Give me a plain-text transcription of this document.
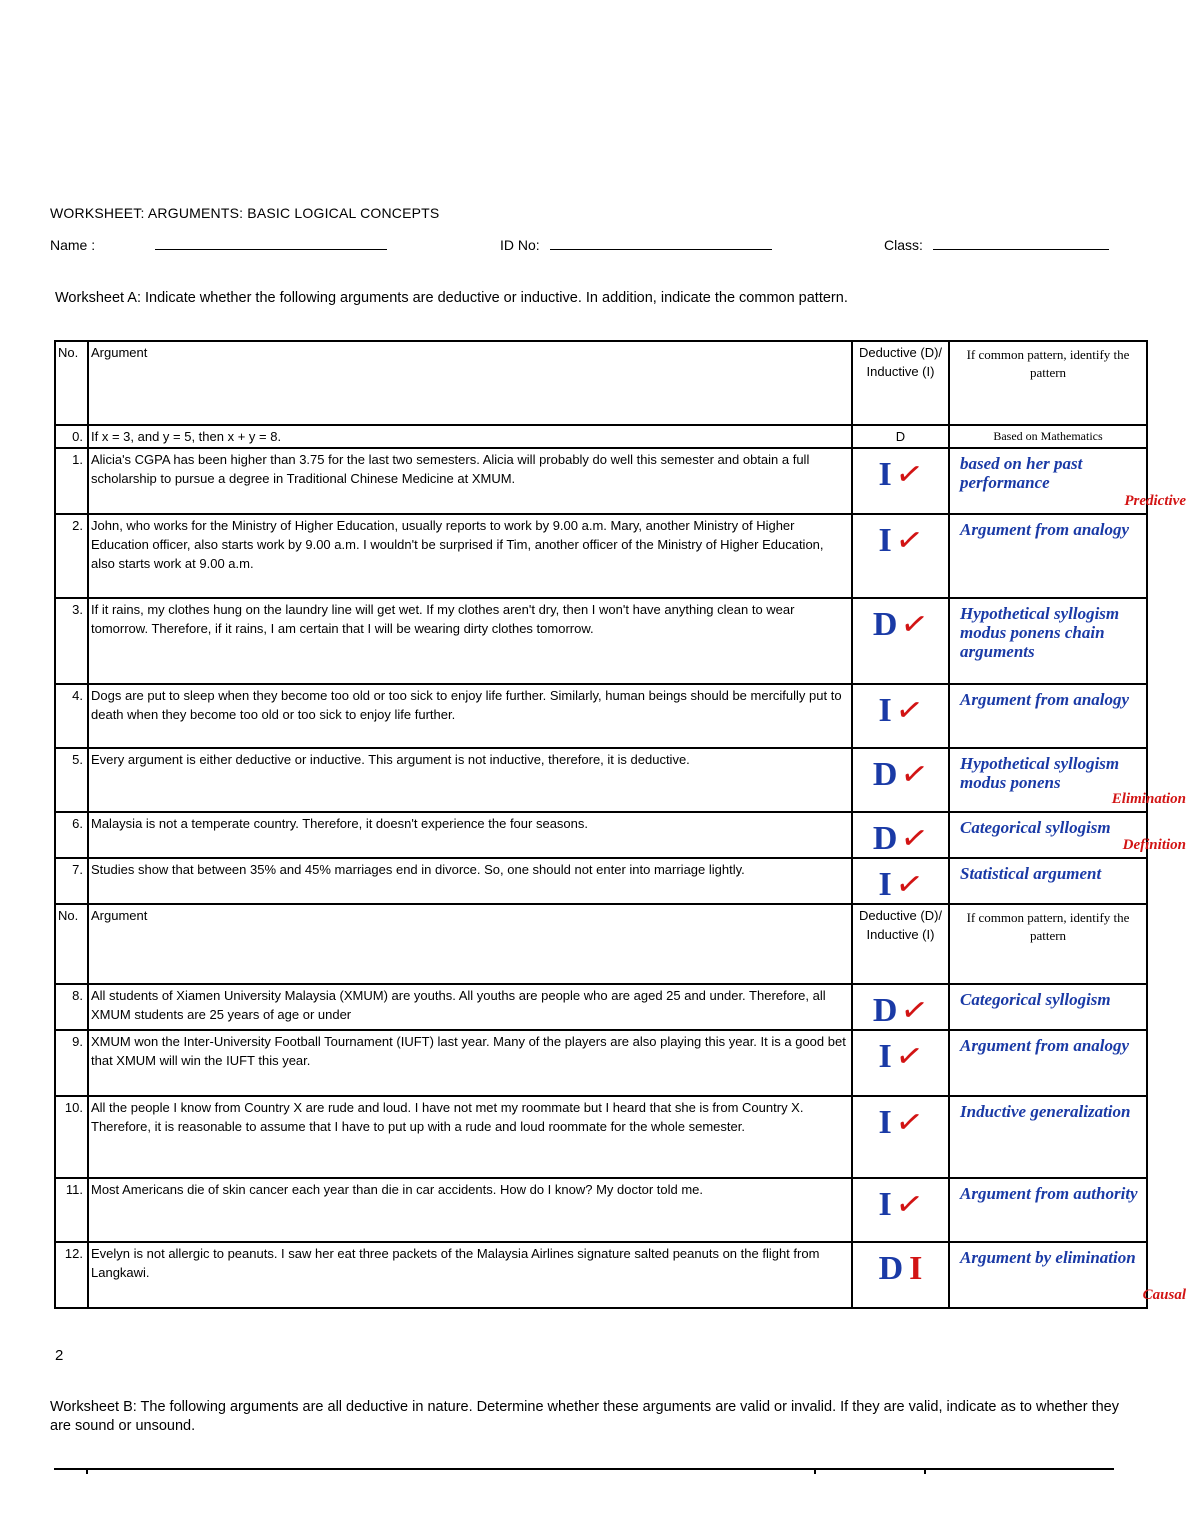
WORKSHEET: ARGUMENTS: BASIC LOGICAL CONCEPTS
Name :	ID No:	Class:
Worksheet A: Indicate whether the following arguments are deductive or inductive. In addition, indicate the common pattern.
No.	Argument	Deductive (D)/ Inductive (I)	If common pattern, identify the pattern
0.	If x = 3, and y = 5, then x + y = 8.	D	Based on Mathematics
1.	Alicia's CGPA has been higher than 3.75 for the last two semesters. Alicia will probably do well this semester and obtain a full scholarship to pursue a degree in Traditional Chinese Medicine at XMUM.	I✓	based on her past performance
Predictive

2.	John, who works for the Ministry of Higher Education, usually reports to work by 9.00 a.m. Mary, another Ministry of Higher Education officer, also starts work by 9.00 a.m. I wouldn't be surprised if Tim, another officer of the Ministry of Higher Education, also starts work at 9.00 a.m.	I✓	Argument from analogy

3.	If it rains, my clothes hung on the laundry line will get wet. If my clothes aren't dry, then I won't have anything clean to wear tomorrow. Therefore, if it rains, I am certain that I will be wearing dirty clothes tomorrow.	D✓	Hypothetical syllogism modus ponens chain arguments

4.	Dogs are put to sleep when they become too old or too sick to enjoy life further. Similarly, human beings should be mercifully put to death when they become too old or too sick to enjoy life further.	I✓	Argument from analogy

5.	Every argument is either deductive or inductive. This argument is not inductive, therefore, it is deductive.	D✓	Hypothetical syllogism modus ponens
Elimination

6.	Malaysia is not a temperate country. Therefore, it doesn't experience the four seasons.	D✓	Categorical syllogism
Definition

7.	Studies show that between 35% and 45% marriages end in divorce. So, one should not enter into marriage lightly.	I✓	Statistical argument

No.	Argument	Deductive (D)/ Inductive (I)	If common pattern, identify the pattern
8.	All students of Xiamen University Malaysia (XMUM) are youths. All youths are people who are aged 25 and under. Therefore, all XMUM students are 25 years of age or under	D✓	Categorical syllogism

9.	XMUM won the Inter-University Football Tournament (IUFT) last year. Many of the players are also playing this year. It is a good bet that XMUM will win the IUFT this year.	I✓	Argument from analogy

10.	All the people I know from Country X are rude and loud. I have not met my roommate but I heard that she is from Country X. Therefore, it is reasonable to assume that I have to put up with a rude and loud roommate for the whole semester.	I✓	Inductive generalization

11.	Most Americans die of skin cancer each year than die in car accidents. How do I know? My doctor told me.	I✓	Argument from authority

12.	Evelyn is not allergic to peanuts. I saw her eat three packets of the Malaysia Airlines signature salted peanuts on the flight from Langkawi.	D I	Argument by elimination
Causal
2
Worksheet B: The following arguments are all deductive in nature. Determine whether these arguments are valid or invalid. If they are valid, indicate as to whether they are sound or unsound.
